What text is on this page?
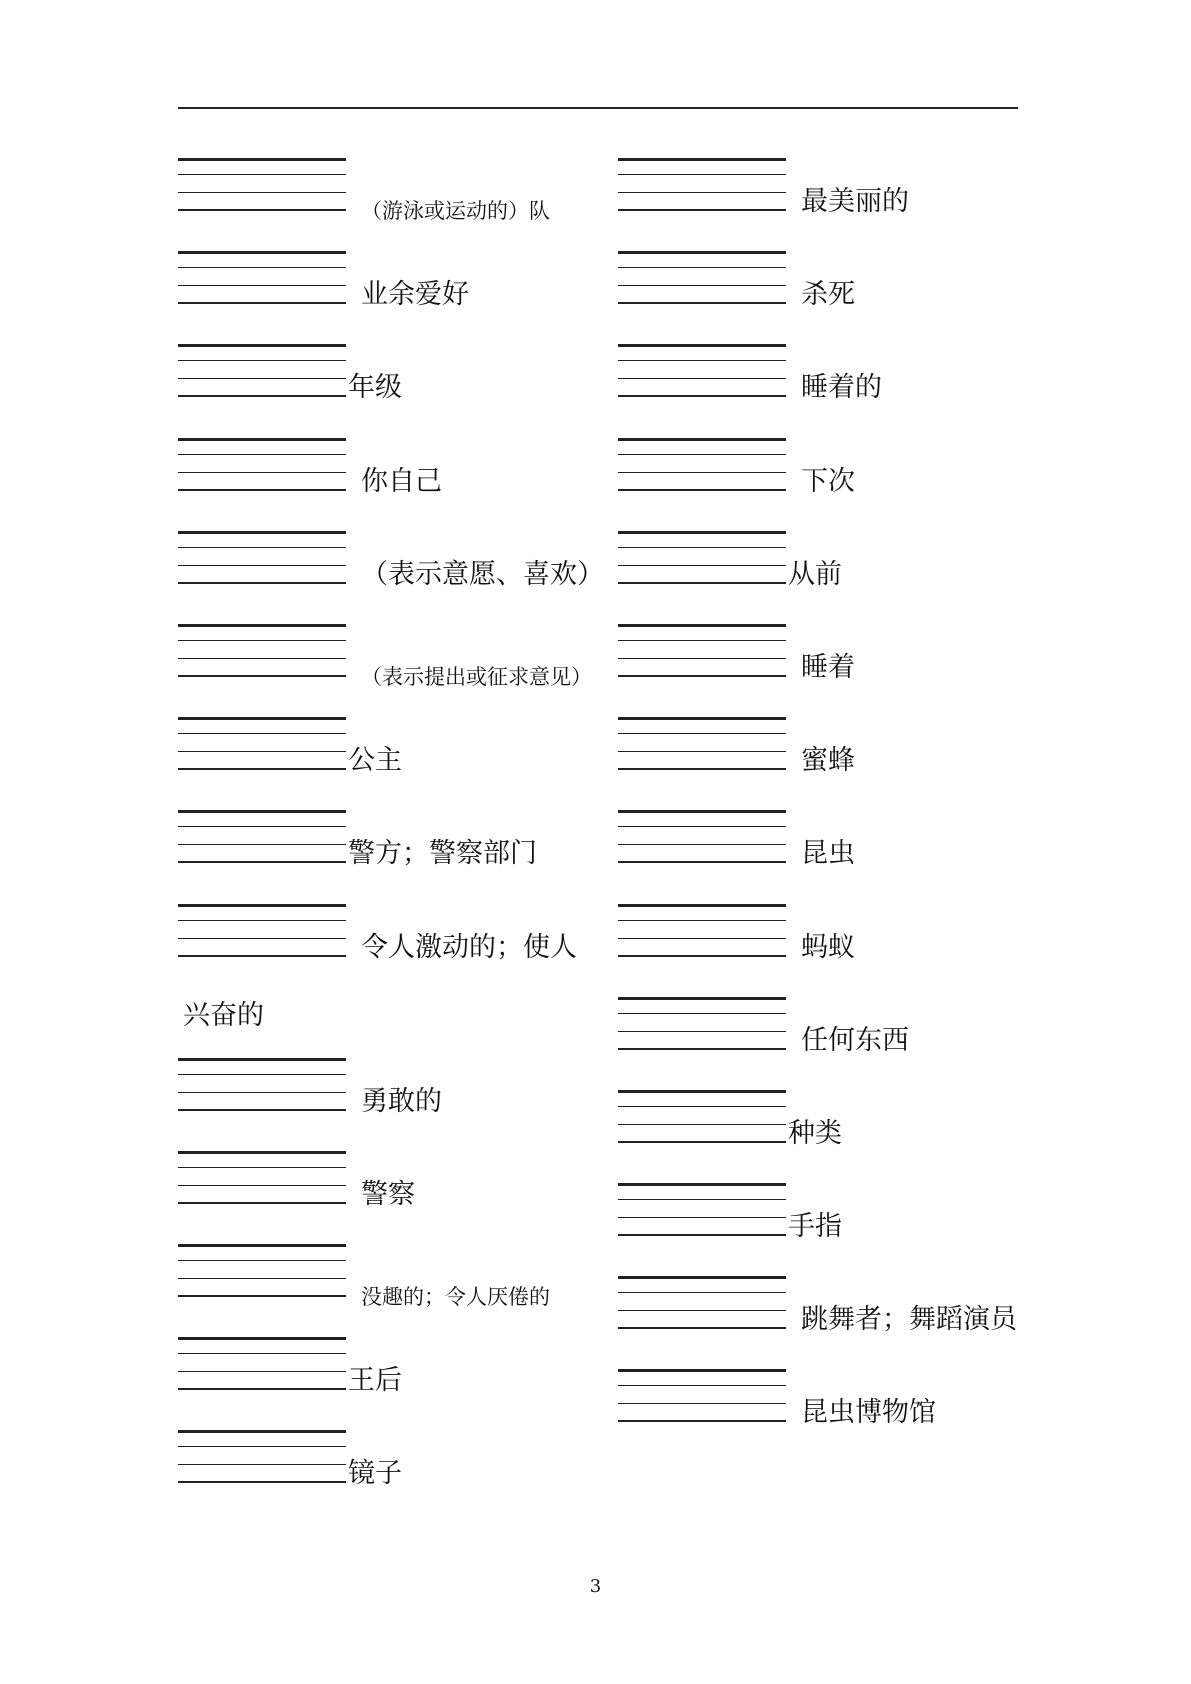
（游泳或运动的）队
业余爱好
年级
你自己
（表示意愿、喜欢）
（表示提出或征求意见）
公主
警方；警察部门
令人激动的；使人
勇敢的
警察
没趣的；令人厌倦的
王后
镜子
兴奋的
最美丽的
杀死
睡着的
下次
从前
睡着
蜜蜂
昆虫
蚂蚁
任何东西
种类
手指
跳舞者；舞蹈演员
昆虫博物馆
3
